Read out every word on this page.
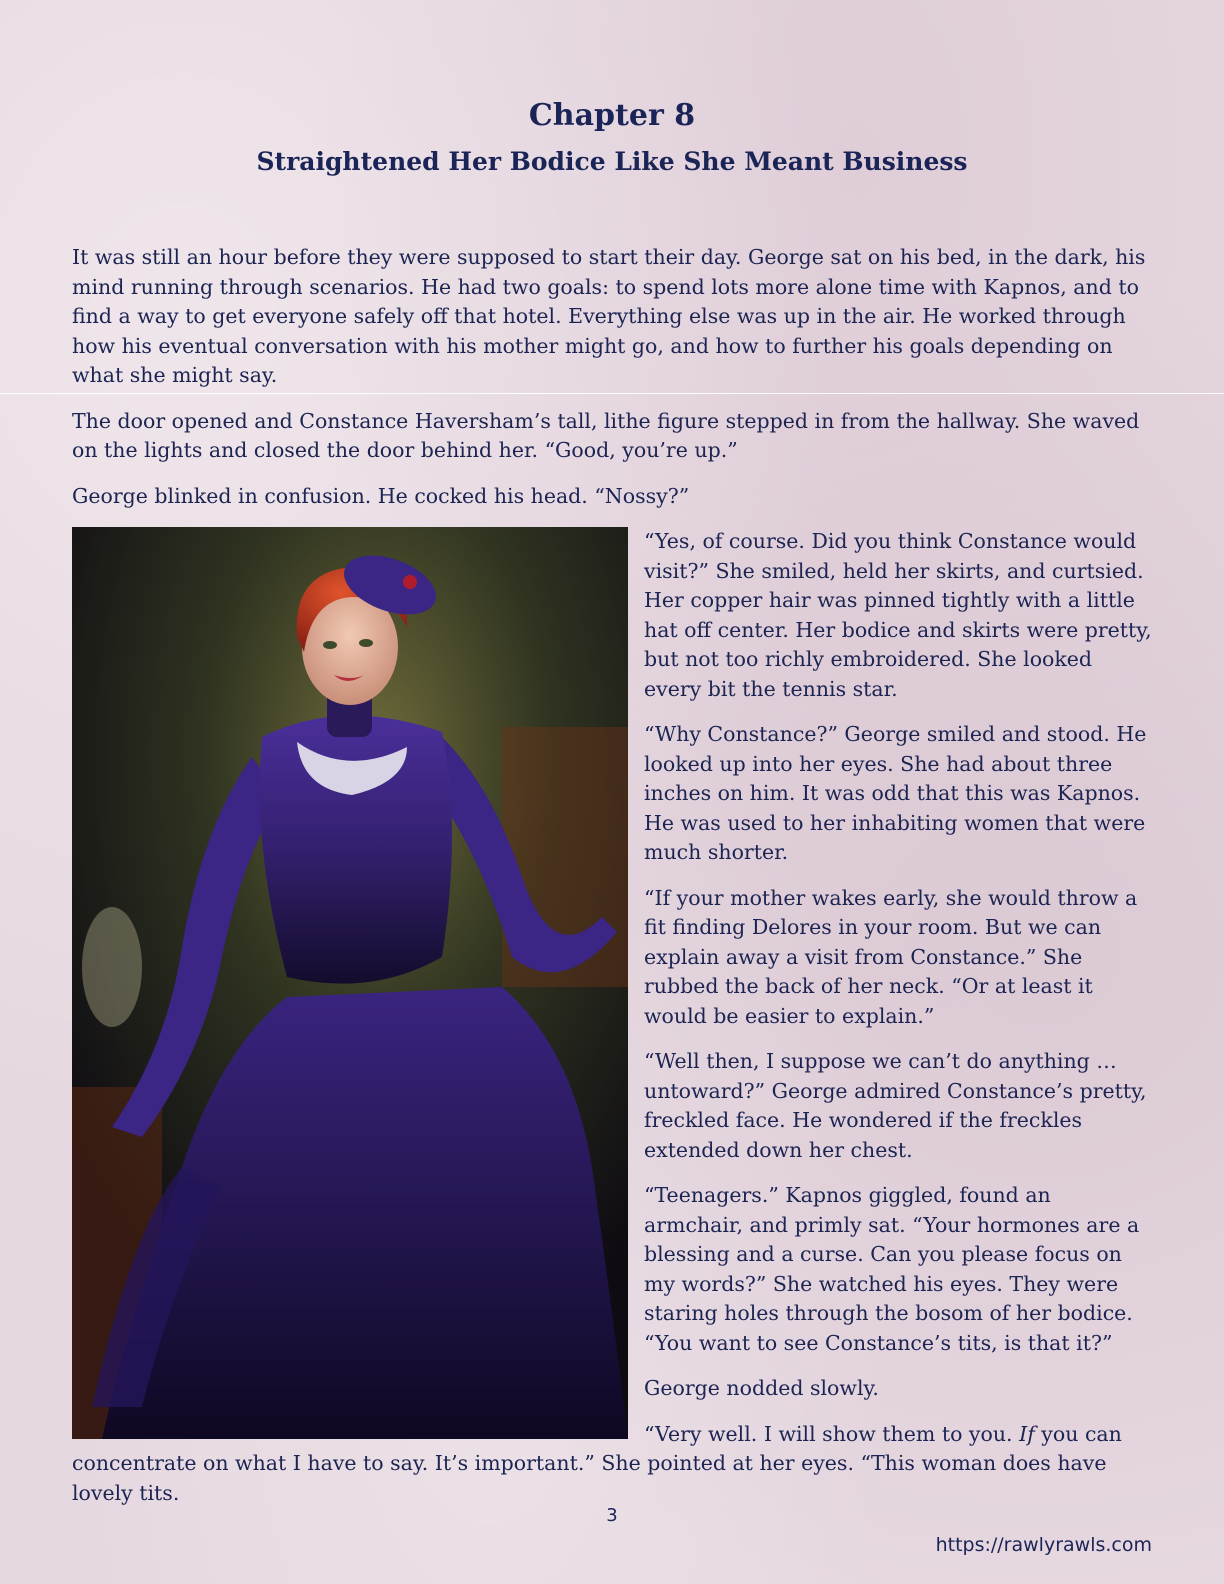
Chapter 8
Straightened Her Bodice Like She Meant Business

It was still an hour before they were supposed to start their day. George sat on his bed, in the dark, his mind running through scenarios. He had two goals: to spend lots more alone time with Kapnos, and to find a way to get everyone safely off that hotel. Everything else was up in the air. He worked through how his eventual conversation with his mother might go, and how to further his goals depending on what she might say.

The door opened and Constance Haversham’s tall, lithe figure stepped in from the hallway. She waved on the lights and closed the door behind her. “Good, you’re up.”

George blinked in confusion. He cocked his head. “Nossy?”

“Yes, of course. Did you think Constance would visit?” She smiled, held her skirts, and curtsied. Her copper hair was pinned tightly with a little hat off center. Her bodice and skirts were pretty, but not too richly embroidered. She looked every bit the tennis star.

“Why Constance?” George smiled and stood. He looked up into her eyes. She had about three inches on him. It was odd that this was Kapnos. He was used to her inhabiting women that were much shorter.

“If your mother wakes early, she would throw a fit finding Delores in your room. But we can explain away a visit from Constance.” She rubbed the back of her neck. “Or at least it would be easier to explain.”

“Well then, I suppose we can’t do anything … untoward?” George admired Constance’s pretty, freckled face. He wondered if the freckles extended down her chest.

“Teenagers.” Kapnos giggled, found an armchair, and primly sat. “Your hormones are a blessing and a curse. Can you please focus on my words?” She watched his eyes. They were staring holes through the bosom of her bodice. “You want to see Constance’s tits, is that it?”

George nodded slowly.

“Very well. I will show them to you. If you can concentrate on what I have to say. It’s important.” She pointed at her eyes. “This woman does have lovely tits.

3
https://rawlyrawls.com
